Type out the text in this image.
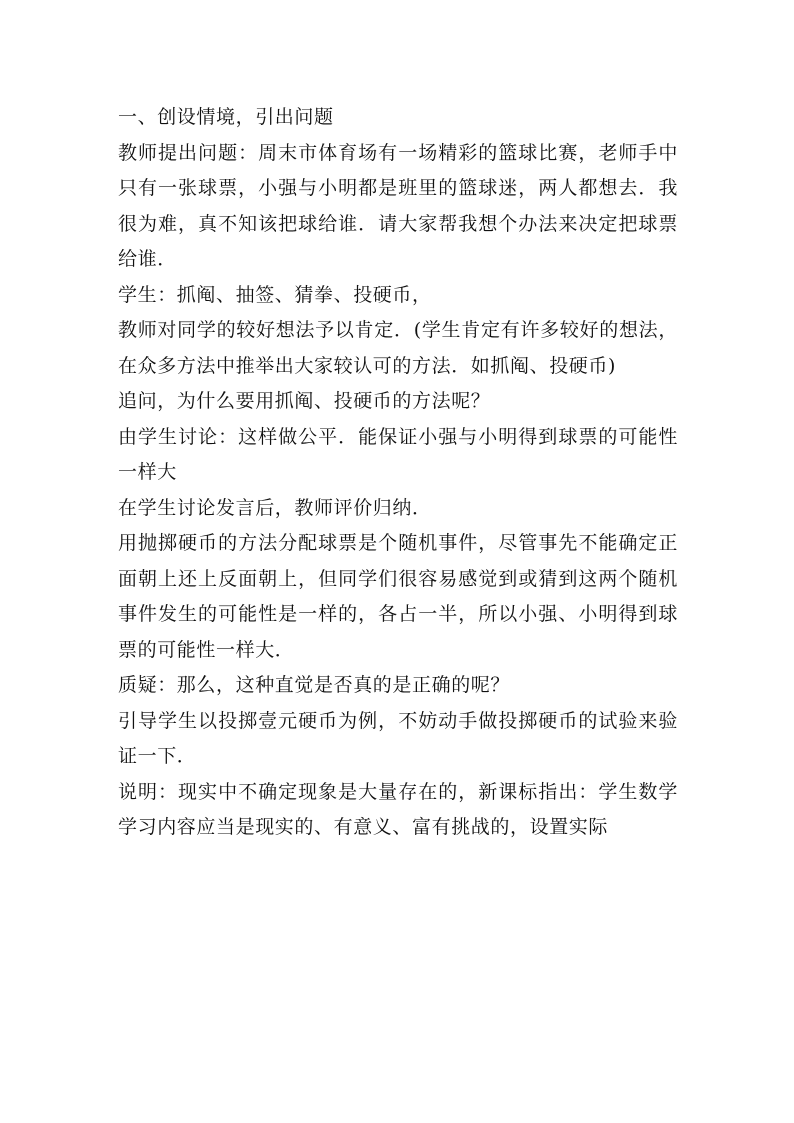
一、创设情境，引出问题

教师提出问题：周末市体育场有一场精彩的篮球比赛，老师手中只有一张球票，小强与小明都是班里的篮球迷，两人都想去．我很为难，真不知该把球给谁．请大家帮我想个办法来决定把球票给谁．

学生：抓阄、抽签、猜拳、投硬币，

教师对同学的较好想法予以肯定．(学生肯定有许多较好的想法，在众多方法中推举出大家较认可的方法．如抓阄、投硬币)

追问，为什么要用抓阄、投硬币的方法呢？

由学生讨论：这样做公平．能保证小强与小明得到球票的可能性一样大

在学生讨论发言后，教师评价归纳．

用抛掷硬币的方法分配球票是个随机事件，尽管事先不能确定正面朝上还上反面朝上，但同学们很容易感觉到或猜到这两个随机事件发生的可能性是一样的，各占一半，所以小强、小明得到球票的可能性一样大．

质疑：那么，这种直觉是否真的是正确的呢？

引导学生以投掷壹元硬币为例，不妨动手做投掷硬币的试验来验证一下．

说明：现实中不确定现象是大量存在的，新课标指出：学生数学学习内容应当是现实的、有意义、富有挑战的，设置实际
